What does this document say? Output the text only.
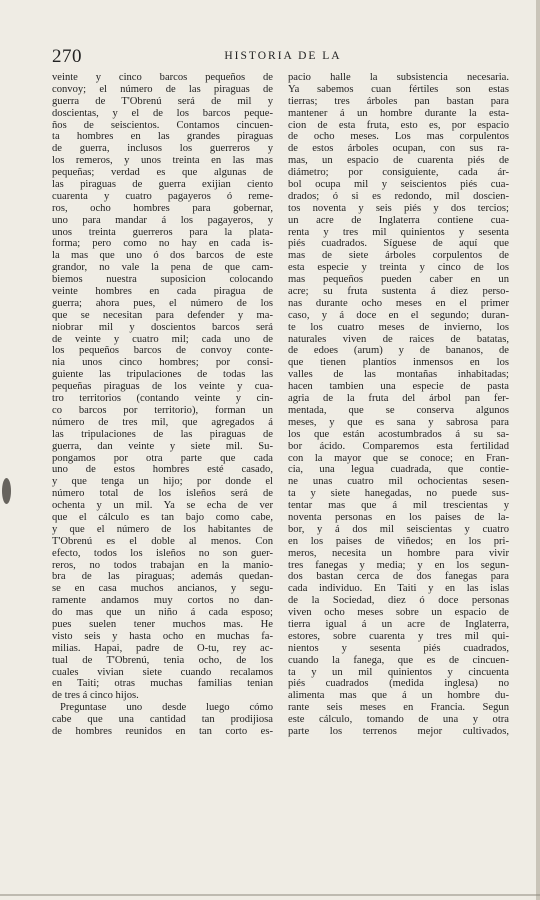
270	HISTORIA DE LA
veinte y cinco barcos pequeños de
convoy; el número de las piraguas de
guerra de T'Obrenú será de mil y
doscientas, y el de los barcos peque-
ños de seiscientos. Contamos cincuen-
ta hombres en las grandes piraguas
de guerra, inclusos los guerreros y
los remeros, y unos treinta en las mas
pequeñas; verdad es que algunas de
las piraguas de guerra exijian ciento
cuarenta y cuatro pagayeros ó reme-
ros, ocho hombres para gobernar,
uno para mandar á los pagayeros, y
unos treinta guerreros para la plata-
forma; pero como no hay en cada is-
la mas que uno ó dos barcos de este
grandor, no vale la pena de que cam-
biemos nuestra suposicion colocando
veinte hombres en cada piragua de
guerra; ahora pues, el número de los
que se necesitan para defender y ma-
niobrar mil y doscientos barcos será
de veinte y cuatro mil; cada uno de
los pequeños barcos de convoy conte-
nia unos cinco hombres; por consi-
guiente las tripulaciones de todas las
pequeñas piraguas de los veinte y cua-
tro territorios (contando veinte y cin-
co barcos por territorio), forman un
número de tres mil, que agregados á
las tripulaciones de las piraguas de
guerra, dan veinte y siete mil. Su-
pongamos por otra parte que cada
uno de estos hombres esté casado,
y que tenga un hijo; por donde el
número total de los isleños será de
ochenta y un mil. Ya se echa de ver
que el cálculo es tan bajo como cabe,
y que el número de los habitantes de
T'Obrenú es el doble al menos. Con
efecto, todos los isleños no son guer-
reros, no todos trabajan en la manio-
bra de las piraguas; además quedan-
se en casa muchos ancianos, y segu-
ramente andamos muy cortos no dan-
do mas que un niño á cada esposo;
pues suelen tener muchos mas. He
visto seis y hasta ocho en muchas fa-
milias. Hapai, padre de O-tu, rey ac-
tual de T'Obrenú, tenia ocho, de los
cuales vivian siete cuando recalamos
en Taiti; otras muchas familias tenian
de tres á cinco hijos.
Preguntase uno desde luego cómo
cabe que una cantidad tan prodijiosa
de hombres reunidos en tan corto es-
pacio halle la subsistencia necesaria.
Ya sabemos cuan fértiles son estas
tierras; tres árboles pan bastan para
mantener á un hombre durante la esta-
cion de esta fruta, esto es, por espacio
de ocho meses. Los mas corpulentos
de estos árboles ocupan, con sus ra-
mas, un espacio de cuarenta piés de
diámetro; por consiguiente, cada ár-
bol ocupa mil y seiscientos piés cua-
drados; ó si es redondo, mil doscien-
tos noventa y seis piés y dos tercios;
un acre de Inglaterra contiene cua-
renta y tres mil quinientos y sesenta
piés cuadrados. Síguese de aquí que
mas de siete árboles corpulentos de
esta especie y treinta y cinco de los
mas pequeños pueden caber en un
acre; su fruta sustenta á diez perso-
nas durante ocho meses en el primer
caso, y á doce en el segundo; duran-
te los cuatro meses de invierno, los
naturales viven de raices de batatas,
de edoes (arum) y de bananos, de
que tienen plantíos inmensos en los
valles de las montañas inhabitadas;
hacen tambien una especie de pasta
agria de la fruta del árbol pan fer-
mentada, que se conserva algunos
meses, y que es sana y sabrosa para
los que están acostumbrados á su sa-
bor ácido. Comparemos esta fertilidad
con la mayor que se conoce; en Fran-
cia, una legua cuadrada, que contie-
ne unas cuatro mil ochocientas sesen-
ta y siete hanegadas, no puede sus-
tentar mas que á mil trescientas y
noventa personas en los paises de la-
bor, y á dos mil seiscientas y cuatro
en los paises de viñedos; en los pri-
meros, necesita un hombre para vivir
tres fanegas y media; y en los segun-
dos bastan cerca de dos fanegas para
cada individuo. En Taiti y en las islas
de la Sociedad, diez ó doce personas
viven ocho meses sobre un espacio de
tierra igual á un acre de Inglaterra,
estores, sobre cuarenta y tres mil qui-
nientos y sesenta piés cuadrados,
cuando la fanega, que es de cincuen-
ta y un mil quinientos y cincuenta
piés cuadrados (medida inglesa) no
alimenta mas que á un hombre du-
rante seis meses en Francia. Segun
este cálculo, tomando de una y otra
parte los terrenos mejor cultivados,
